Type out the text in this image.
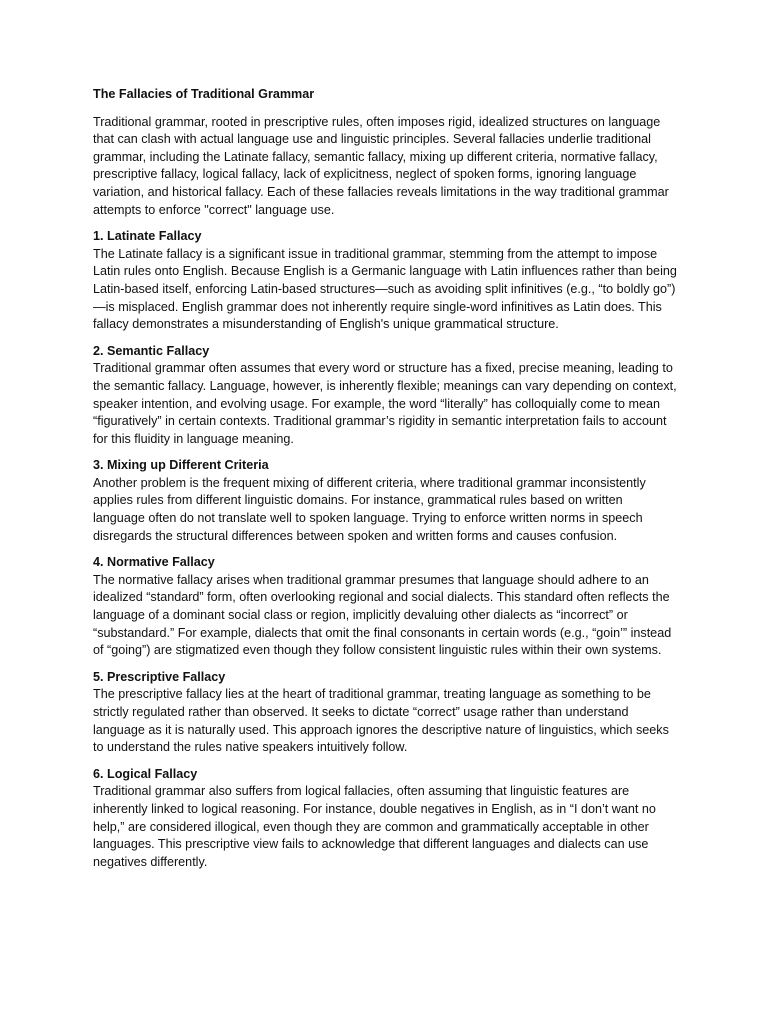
The Fallacies of Traditional Grammar

Traditional grammar, rooted in prescriptive rules, often imposes rigid, idealized structures on language that can clash with actual language use and linguistic principles. Several fallacies underlie traditional grammar, including the Latinate fallacy, semantic fallacy, mixing up different criteria, normative fallacy, prescriptive fallacy, logical fallacy, lack of explicitness, neglect of spoken forms, ignoring language variation, and historical fallacy. Each of these fallacies reveals limitations in the way traditional grammar attempts to enforce "correct" language use.

1. Latinate Fallacy

The Latinate fallacy is a significant issue in traditional grammar, stemming from the attempt to impose Latin rules onto English. Because English is a Germanic language with Latin influences rather than being Latin-based itself, enforcing Latin-based structures—such as avoiding split infinitives (e.g., “to boldly go”)—is misplaced. English grammar does not inherently require single-word infinitives as Latin does. This fallacy demonstrates a misunderstanding of English's unique grammatical structure.

2. Semantic Fallacy

Traditional grammar often assumes that every word or structure has a fixed, precise meaning, leading to the semantic fallacy. Language, however, is inherently flexible; meanings can vary depending on context, speaker intention, and evolving usage. For example, the word “literally” has colloquially come to mean “figuratively” in certain contexts. Traditional grammar’s rigidity in semantic interpretation fails to account for this fluidity in language meaning.

3. Mixing up Different Criteria

Another problem is the frequent mixing of different criteria, where traditional grammar inconsistently applies rules from different linguistic domains. For instance, grammatical rules based on written language often do not translate well to spoken language. Trying to enforce written norms in speech disregards the structural differences between spoken and written forms and causes confusion.

4. Normative Fallacy

The normative fallacy arises when traditional grammar presumes that language should adhere to an idealized “standard” form, often overlooking regional and social dialects. This standard often reflects the language of a dominant social class or region, implicitly devaluing other dialects as “incorrect” or “substandard.” For example, dialects that omit the final consonants in certain words (e.g., “goin’” instead of “going”) are stigmatized even though they follow consistent linguistic rules within their own systems.

5. Prescriptive Fallacy

The prescriptive fallacy lies at the heart of traditional grammar, treating language as something to be strictly regulated rather than observed. It seeks to dictate “correct” usage rather than understand language as it is naturally used. This approach ignores the descriptive nature of linguistics, which seeks to understand the rules native speakers intuitively follow.

6. Logical Fallacy

Traditional grammar also suffers from logical fallacies, often assuming that linguistic features are inherently linked to logical reasoning. For instance, double negatives in English, as in “I don’t want no help,” are considered illogical, even though they are common and grammatically acceptable in other languages. This prescriptive view fails to acknowledge that different languages and dialects can use negatives differently.
